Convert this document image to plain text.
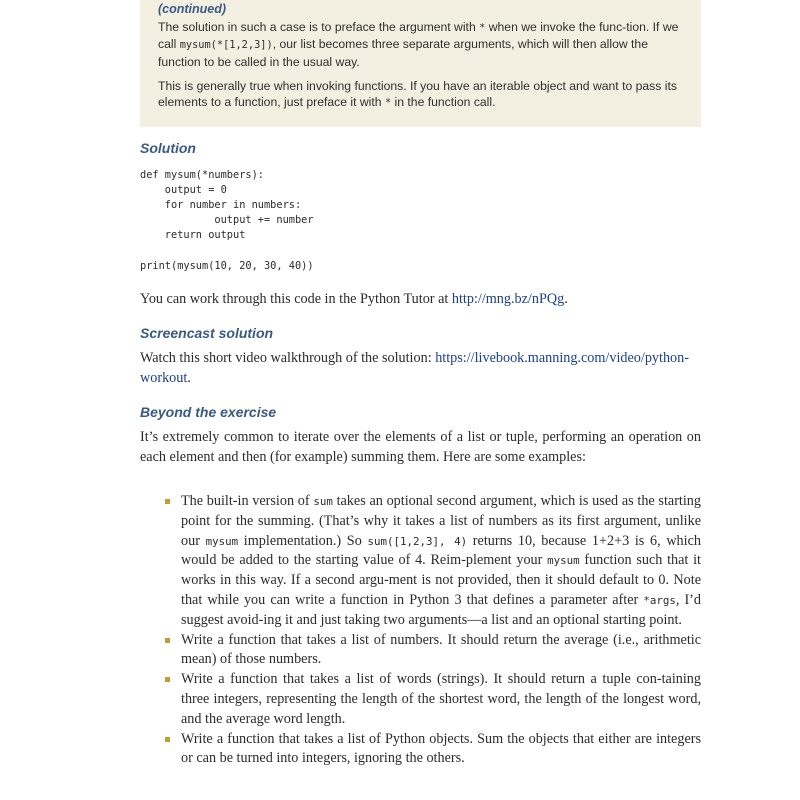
(continued)

The solution in such a case is to preface the argument with * when we invoke the func-tion. If we call mysum(*[1,2,3]), our list becomes three separate arguments, which will then allow the function to be called in the usual way.

This is generally true when invoking functions. If you have an iterable object and want to pass its elements to a function, just preface it with * in the function call.

Solution
def mysum(*numbers):
output = 0
for number in numbers:
output += number
return output

print(mysum(10, 20, 30, 40))

You can work through this code in the Python Tutor at http://mng.bz/nPQg.

Screencast solution

Watch this short video walkthrough of the solution: https://livebook.manning.com/video/python-workout.

Beyond the exercise

It’s extremely common to iterate over the elements of a list or tuple, performing an operation on each element and then (for example) summing them. Here are some examples:

The built-in version of sum takes an optional second argument, which is used as the starting point for the summing. (That’s why it takes a list of numbers as its first argument, unlike our mysum implementation.) So sum([1,2,3], 4) returns 10, because 1+2+3 is 6, which would be added to the starting value of 4. Reim-plement your mysum function such that it works in this way. If a second argu-ment is not provided, then it should default to 0. Note that while you can write a function in Python 3 that defines a parameter after *args, I’d suggest avoid-ing it and just taking two arguments—a list and an optional starting point.
Write a function that takes a list of numbers. It should return the average (i.e., arithmetic mean) of those numbers.
Write a function that takes a list of words (strings). It should return a tuple con-taining three integers, representing the length of the shortest word, the length of the longest word, and the average word length.
Write a function that takes a list of Python objects. Sum the objects that either are integers or can be turned into integers, ignoring the others.
